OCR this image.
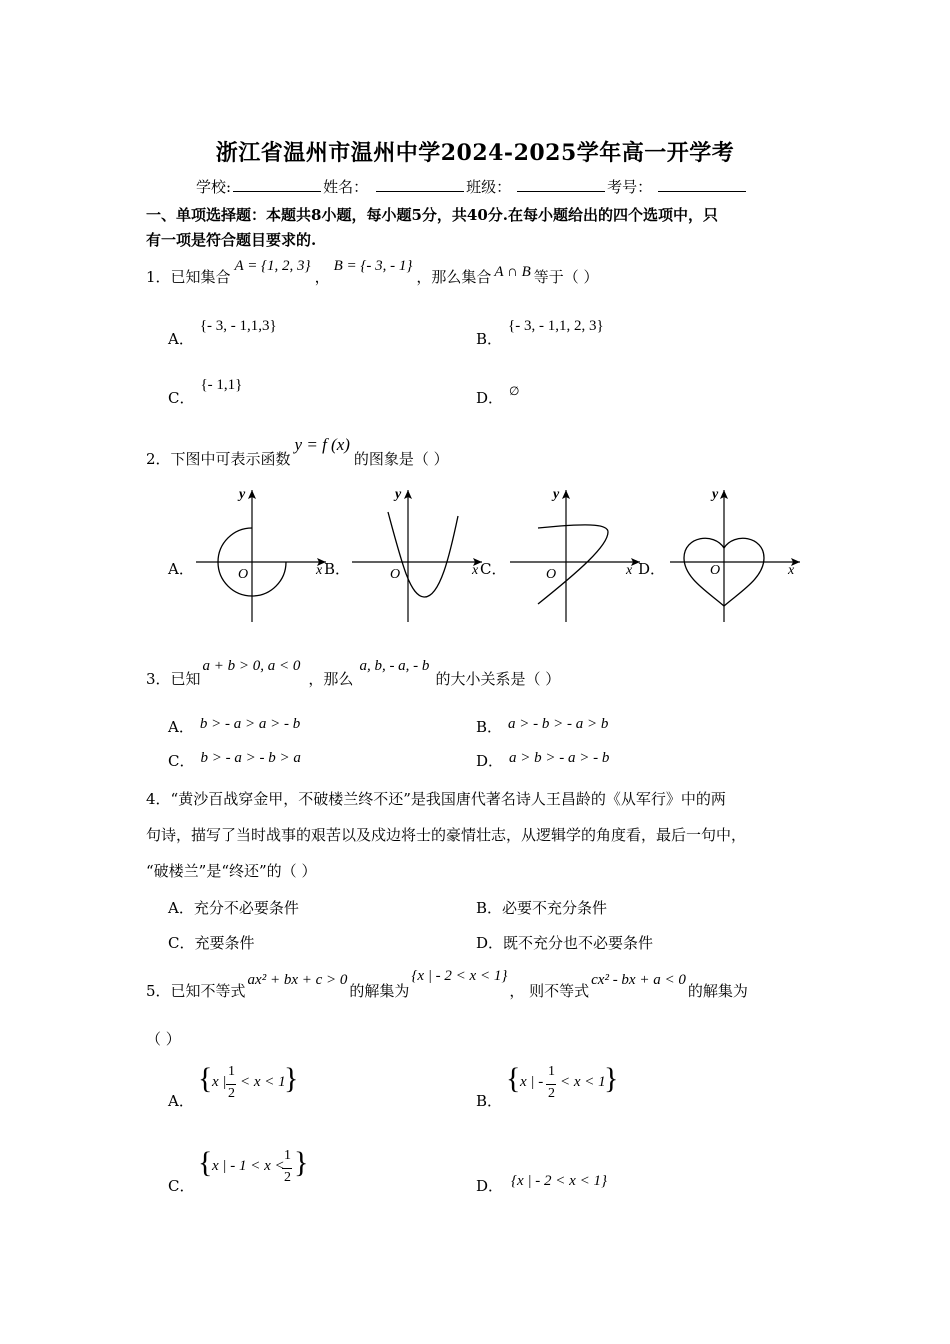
浙江省温州市温州中学2024-2025学年高一开学考
学校:	姓名：	班级：	考号：
一、单项选择题：本题共8小题，每小题5分，共40分.在每小题给出的四个选项中，只
有一项是符合题目要求的.
1．已知集合A = {1, 2, 3}，B = {- 3, - 1}，那么集合 A ∩ B 等于（ ）
A．{- 3, - 1,1,3}
B．{- 3, - 1,1, 2, 3}
C．{- 1,1}
D． ∅
2．下图中可表示函数y = f (x)的图象是（ ）
A．	B．	C．	D．
O	x
y
O	x
y
O	x
y
O	x
y
3．已知a + b > 0, a < 0，那么a, b, - a, - b的大小关系是（ ）
A． b > - a > a > - b	B． a > - b > - a > b
C． b > - a > - b > a	D． a > b > - a > - b
4．“黄沙百战穿金甲，不破楼兰终不还”是我国唐代著名诗人王昌龄的《从军行》中的两
句诗，描写了当时战事的艰苦以及戍边将士的豪情壮志，从逻辑学的角度看，最后一句中，
“破楼兰”是“终还”的（ ）
A．充分不必要条件	B．必要不充分条件
C．充要条件	D．既不充分也不必要条件
5．已知不等式ax² + bx + c > 0的解集为{x | - 2 < x < 1}， 则不等式cx² - bx + a < 0的解集为
（ ）
A．
{ x |
1
2
< x < 1
}
B．
{ x | -
1
2
< x < 1
}
C．
{ x | - 1 < x <
1
2 }
D． {x | - 2 < x < 1}
